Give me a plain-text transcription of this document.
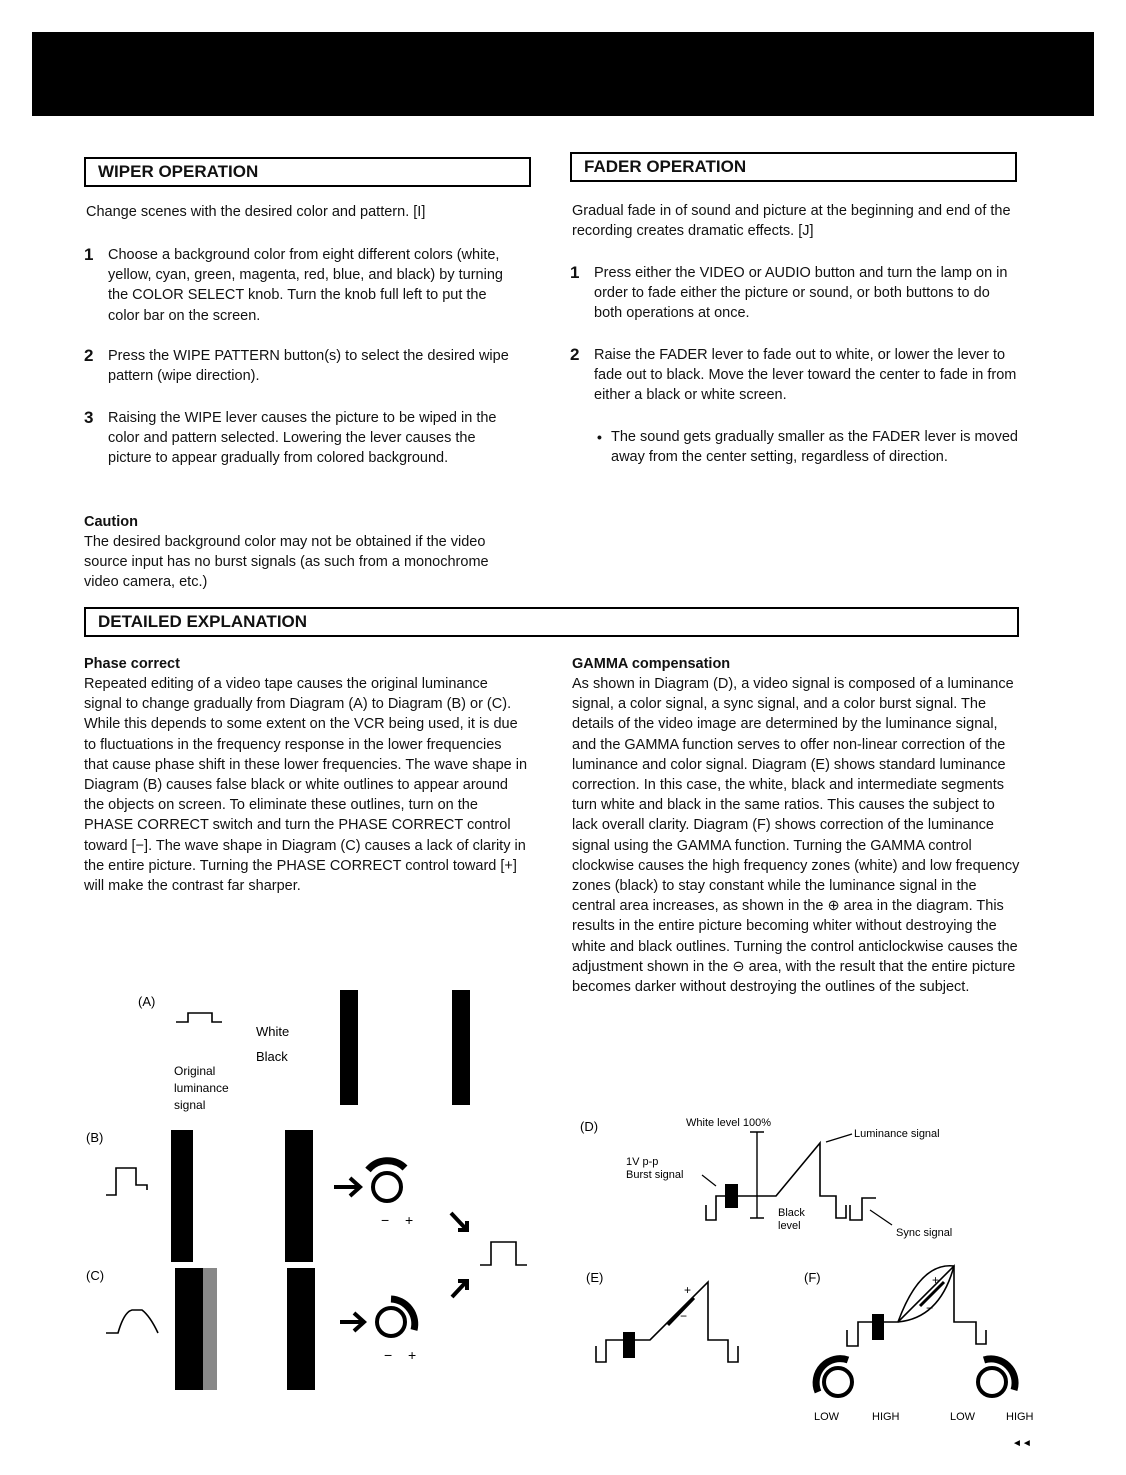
WIPER OPERATION
Change scenes with the desired color and pattern. [I]
1 Choose a background color from eight different colors (white, yellow, cyan, green, magenta, red, blue, and black) by turning the COLOR SELECT knob. Turn the knob full left to put the color bar on the screen.
2 Press the WIPE PATTERN button(s) to select the desired wipe pattern (wipe direction).
3 Raising the WIPE lever causes the picture to be wiped in the color and pattern selected. Lowering the lever causes the picture to appear gradually from colored background.
Caution
The desired background color may not be obtained if the video source input has no burst signals (as such from a monochrome video camera, etc.)
FADER OPERATION
Gradual fade in of sound and picture at the beginning and end of the recording creates dramatic effects. [J]
1 Press either the VIDEO or AUDIO button and turn the lamp on in order to fade either the picture or sound, or both buttons to do both operations at once.
2 Raise the FADER lever to fade out to white, or lower the lever to fade out to black. Move the lever toward the center to fade in from either a black or white screen.
• The sound gets gradually smaller as the FADER lever is moved away from the center setting, regardless of direction.
DETAILED EXPLANATION
Phase correct
Repeated editing of a video tape causes the original luminance signal to change gradually from Diagram (A) to Diagram (B) or (C). While this depends to some extent on the VCR being used, it is due to fluctuations in the frequency response in the lower frequencies that cause phase shift in these lower frequencies. The wave shape in Diagram (B) causes false black or white outlines to appear around the objects on screen. To eliminate these outlines, turn on the PHASE CORRECT switch and turn the PHASE CORRECT control toward [−]. The wave shape in Diagram (C) causes a lack of clarity in the entire picture. Turning the PHASE CORRECT control toward [+] will make the contrast far sharper.
GAMMA compensation
As shown in Diagram (D), a video signal is composed of a luminance signal, a color signal, a sync signal, and a color burst signal. The details of the video image are determined by the luminance signal, and the GAMMA function serves to offer non-linear correction of the luminance and color signal. Diagram (E) shows standard luminance correction. In this case, the white, black and intermediate segments turn white and black in the same ratios. This causes the subject to lack overall clarity. Diagram (F) shows correction of the luminance signal using the GAMMA function. Turning the GAMMA control clockwise causes the high frequency zones (white) and low frequency zones (black) to stay constant while the luminance signal in the central area increases, as shown in the ⊕ area in the diagram. This results in the entire picture becoming whiter without destroying the white and black outlines. Turning the control anticlockwise causes the adjustment shown in the ⊖ area, with the result that the entire picture becomes darker without destroying the outlines of the subject.
(A)
White
Black
Original
luminance
signal
(B)
− +
(C)
− +
(D)	White level 100%
Luminance signal
1V p-p
Burst signal
Black
level
Sync signal
(E)
+
−
(F)	+
−
LOW	HIGH	LOW	HIGH
◄◄
